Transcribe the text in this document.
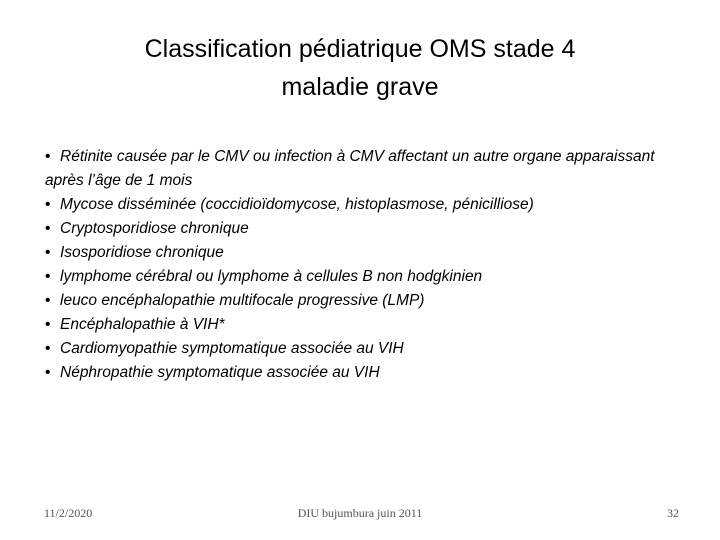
Classification pédiatrique OMS stade 4
maladie grave
• Rétinite causée par le CMV ou infection à CMV affectant un autre organe apparaissant après l’âge de 1 mois
• Mycose disséminée (coccidioïdomycose, histoplasmose, pénicilliose)
• Cryptosporidiose chronique
• Isosporidiose chronique
• lymphome cérébral ou lymphome à cellules B non hodgkinien
• leuco encéphalopathie multifocale progressive (LMP)
• Encéphalopathie à VIH*
• Cardiomyopathie symptomatique associée au VIH
• Néphropathie symptomatique associée au VIH
11/2/2020	DIU bujumbura juin 2011	32
